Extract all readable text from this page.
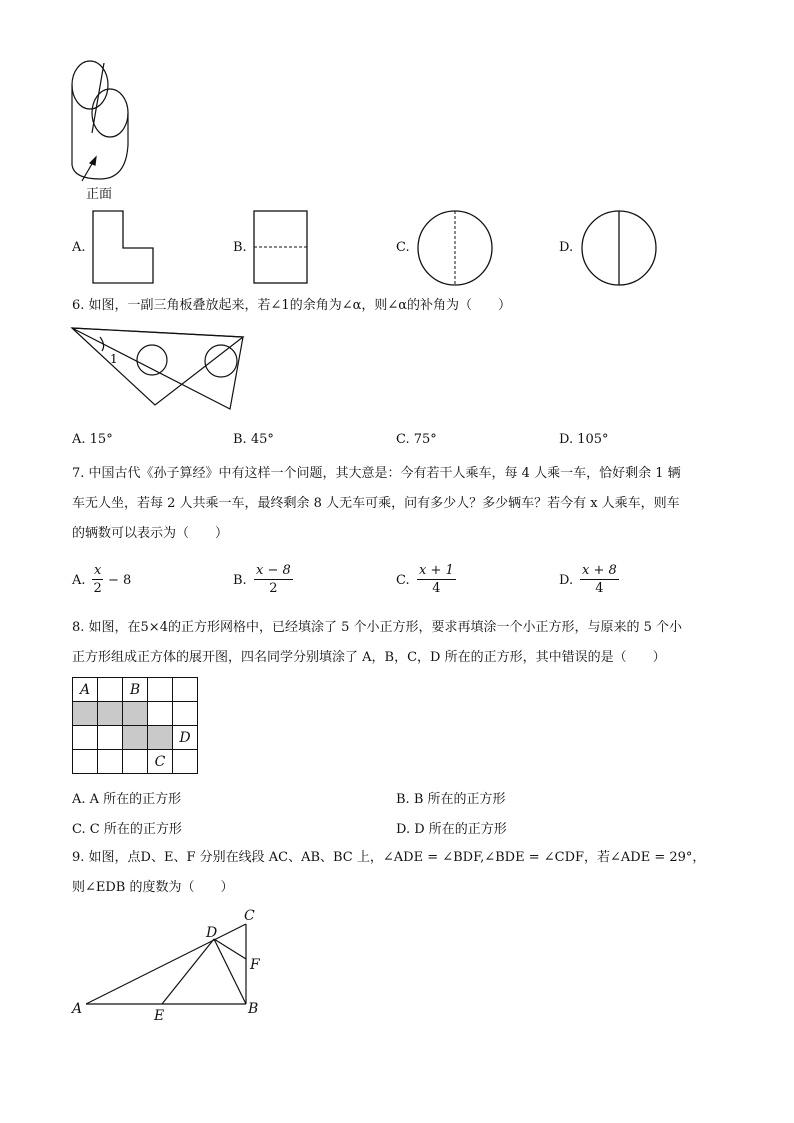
正面
A.	B.	C.	D.
6. 如图，一副三角板叠放起来，若∠1的余角为∠α，则∠α的补角为（　　）
1
A. 15°	B. 45°	C. 75°	D. 105°
7. 中国古代《孙子算经》中有这样一个问题，其大意是：今有若干人乘车，每 4 人乘一车，恰好剩余 1 辆
车无人坐，若每 2 人共乘一车，最终剩余 8 人无车可乘，问有多少人？多少辆车？若今有 x 人乘车，则车
的辆数可以表示为（　　）
A. $\frac{x}{2} - 8$	B. $\frac{x - 8}{2}$	C. $\frac{x + 1}{4}$	D. $\frac{x + 8}{4}$
8. 如图，在5×4的正方形网格中，已经填涂了 5 个小正方形，要求再填涂一个小正方形，与原来的 5 个小
正方形组成正方体的展开图，四名同学分别填涂了 A，B，C，D 所在的正方形，其中错误的是（　　）
A		B		

				D
			C	
A. A 所在的正方形	B. B 所在的正方形
C. C 所在的正方形	D. D 所在的正方形
9. 如图，点D、E、F 分别在线段 AC、AB、BC 上，∠ADE = ∠BDF,∠BDE = ∠CDF，若∠ADE = 29°，
则∠EDB 的度数为（　　）
A	B
C
D
E
F
